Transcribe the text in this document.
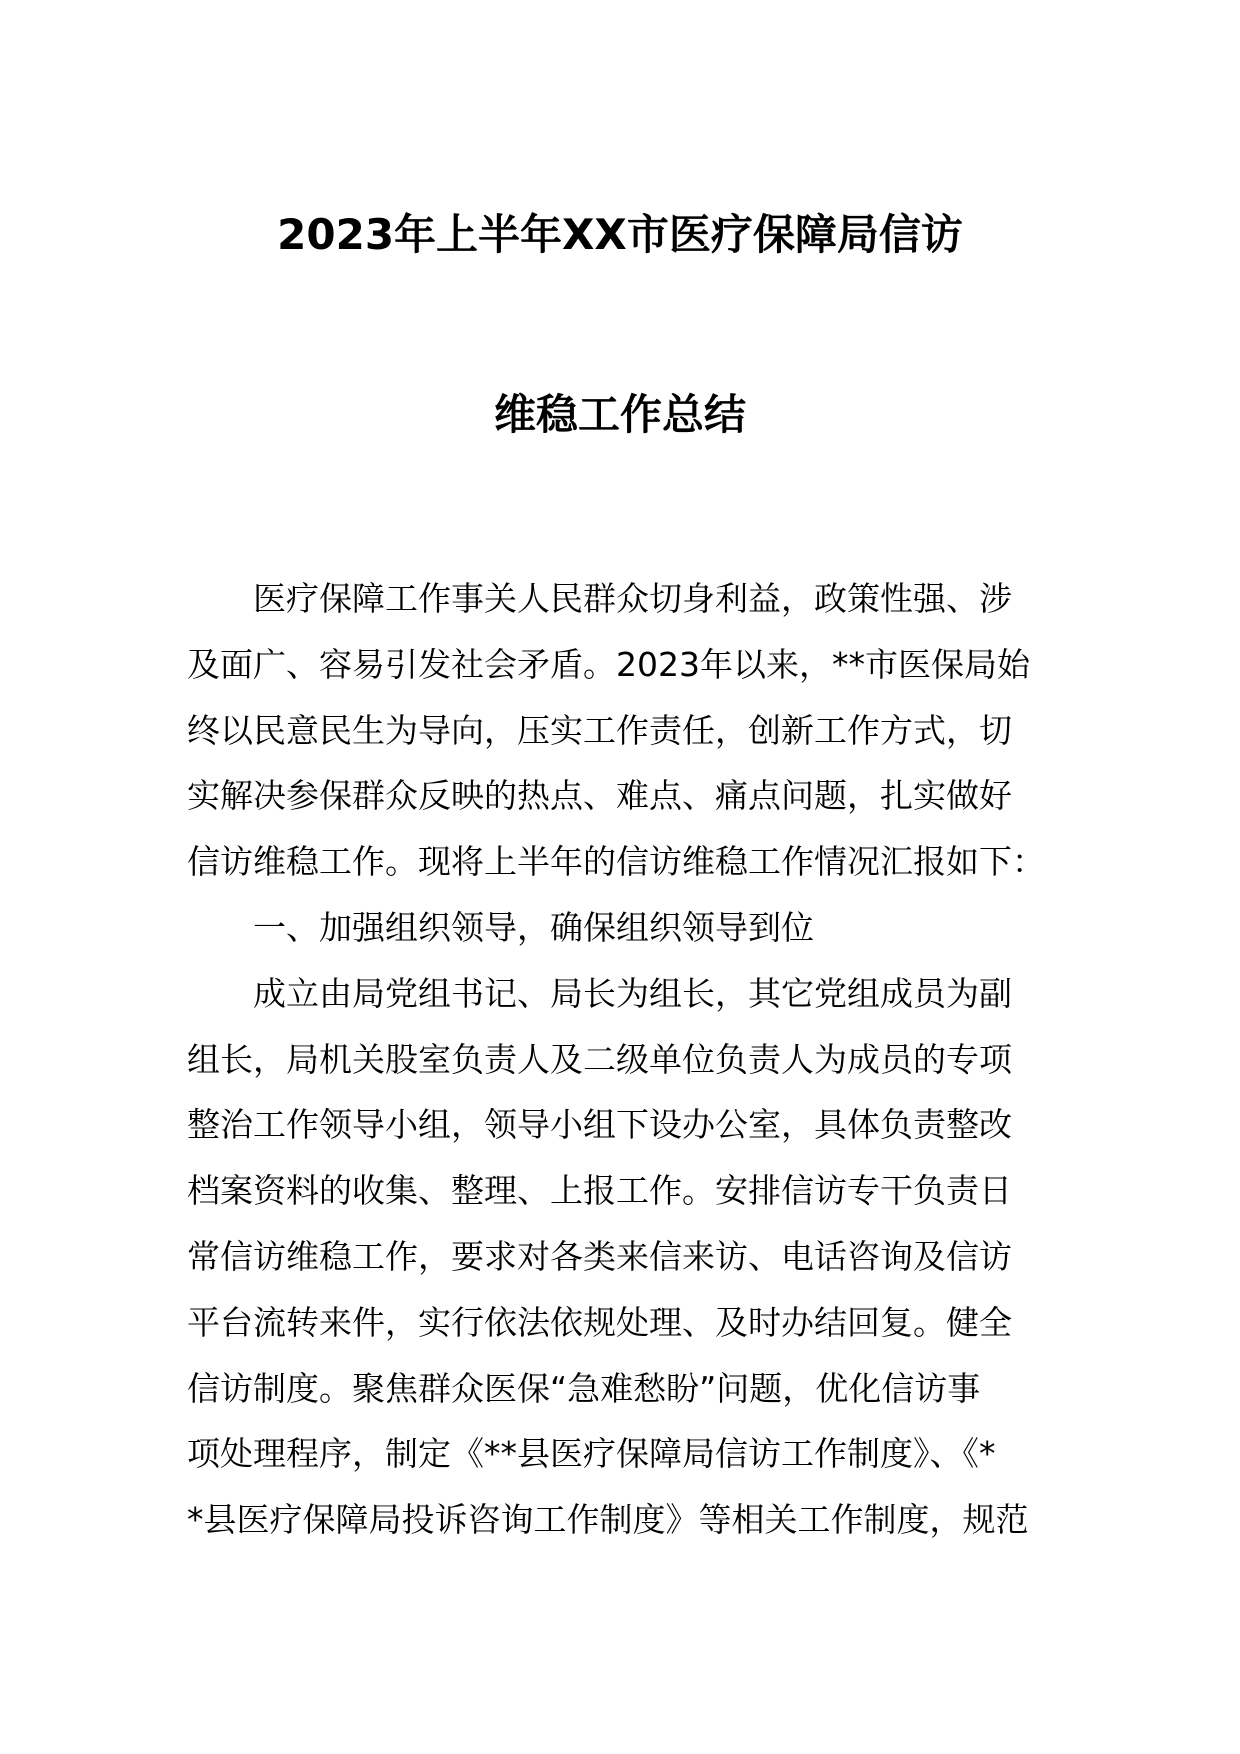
2023年上半年XX市医疗保障局信访
维稳工作总结
医疗保障工作事关人民群众切身利益，政策性强、涉
及面广、容易引发社会矛盾。2023年以来，**市医保局始
终以民意民生为导向，压实工作责任，创新工作方式，切
实解决参保群众反映的热点、难点、痛点问题，扎实做好
信访维稳工作。现将上半年的信访维稳工作情况汇报如下：
一、加强组织领导，确保组织领导到位
成立由局党组书记、局长为组长，其它党组成员为副
组长，局机关股室负责人及二级单位负责人为成员的专项
整治工作领导小组，领导小组下设办公室，具体负责整改
档案资料的收集、整理、上报工作。安排信访专干负责日
常信访维稳工作，要求对各类来信来访、电话咨询及信访
平台流转来件，实行依法依规处理、及时办结回复。健全
信访制度。聚焦群众医保“急难愁盼”问题，优化信访事
项处理程序，制定《**县医疗保障局信访工作制度》、《*
*县医疗保障局投诉咨询工作制度》等相关工作制度，规范
